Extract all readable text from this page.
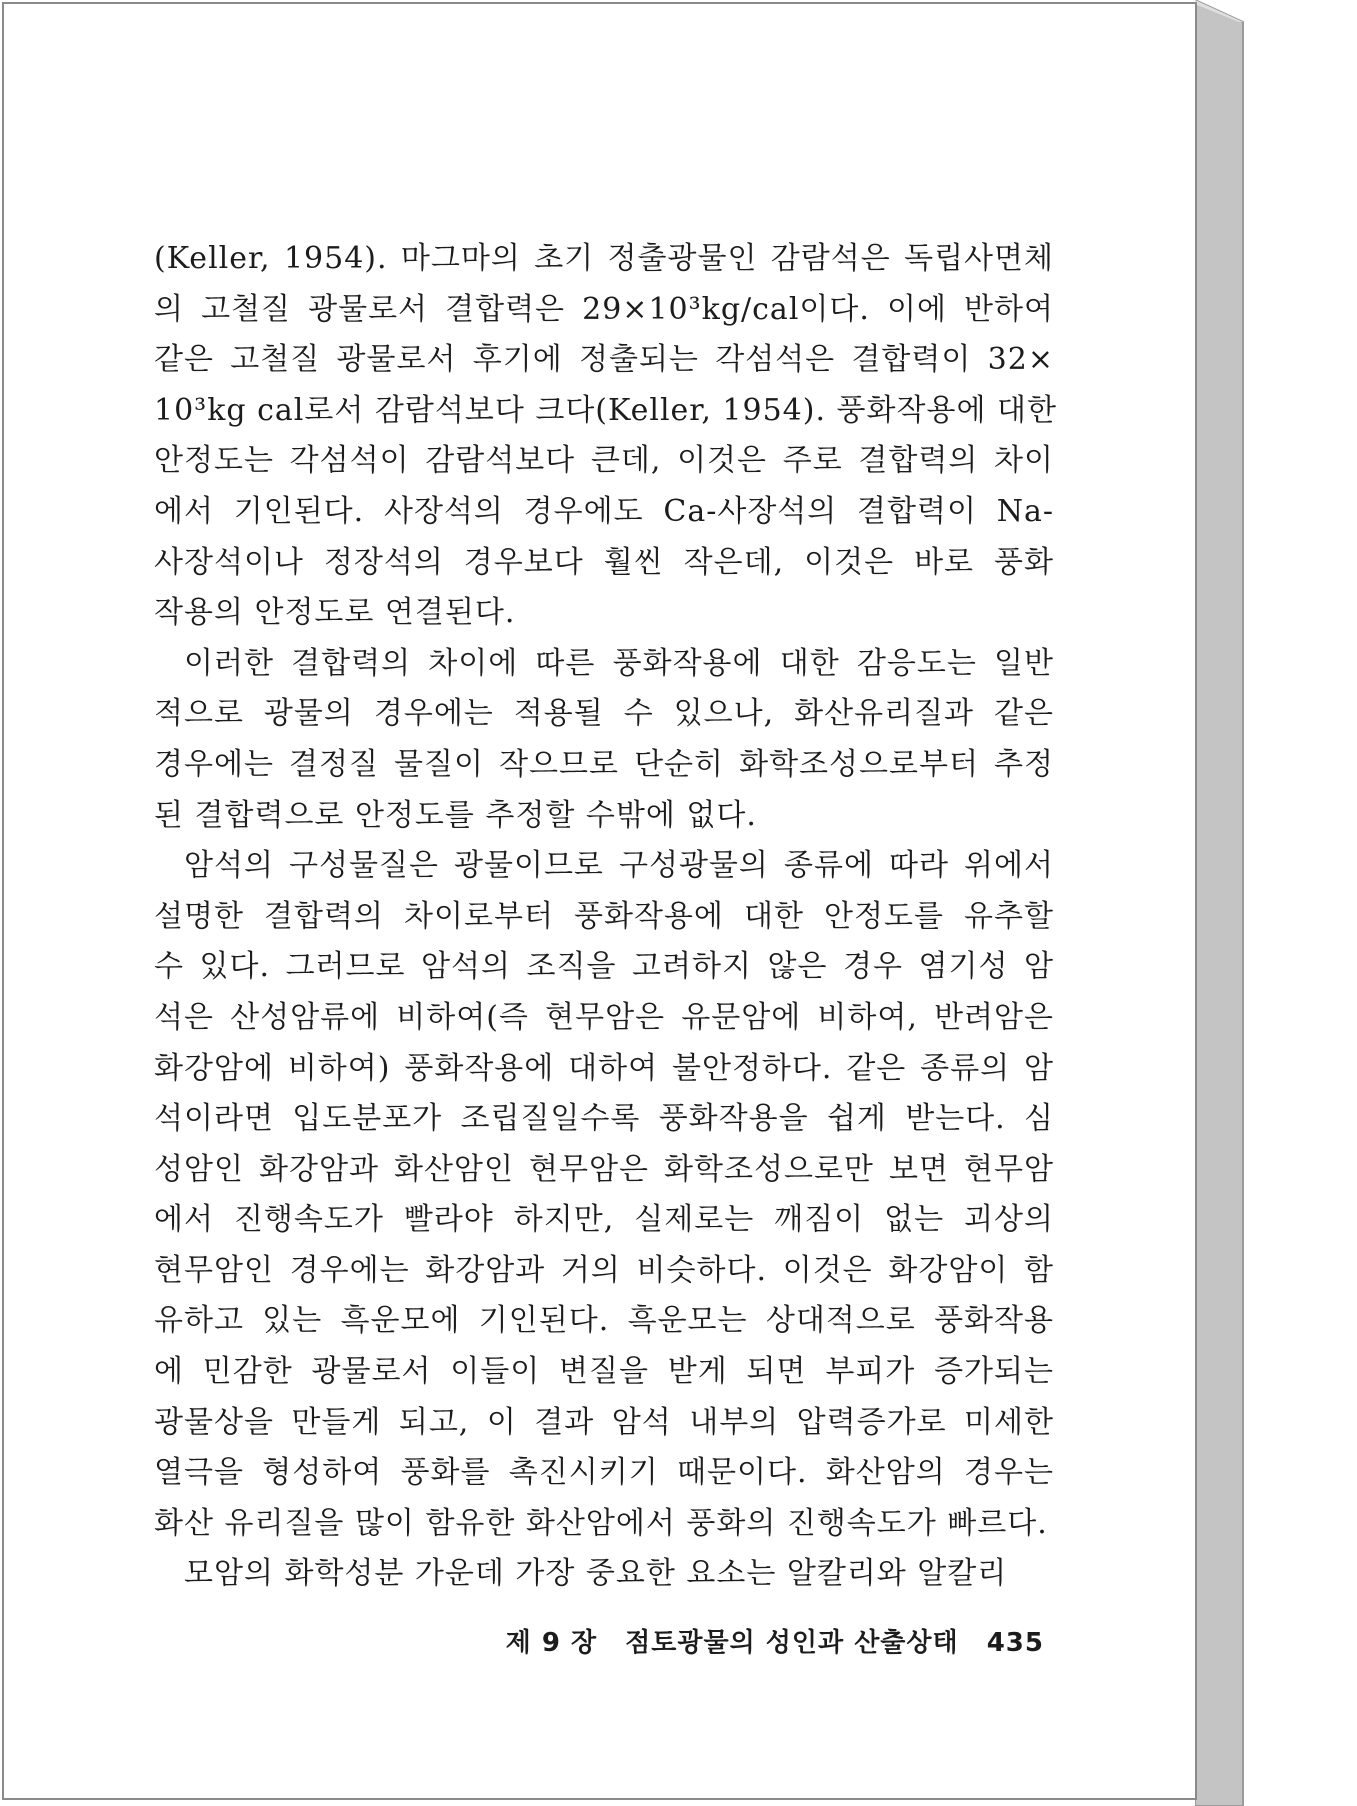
(Keller, 1954). 마그마의 초기 정출광물인 감람석은 독립사면체
의 고철질 광물로서 결합력은 29×10³kg/cal이다. 이에 반하여
같은 고철질 광물로서 후기에 정출되는 각섬석은 결합력이 32×
10³kg cal로서 감람석보다 크다(Keller, 1954). 풍화작용에 대한
안정도는 각섬석이 감람석보다 큰데, 이것은 주로 결합력의 차이
에서 기인된다. 사장석의 경우에도 Ca-사장석의 결합력이 Na-
사장석이나 정장석의 경우보다 훨씬 작은데, 이것은 바로 풍화
작용의 안정도로 연결된다.
이러한 결합력의 차이에 따른 풍화작용에 대한 감응도는 일반
적으로 광물의 경우에는 적용될 수 있으나, 화산유리질과 같은
경우에는 결정질 물질이 작으므로 단순히 화학조성으로부터 추정
된 결합력으로 안정도를 추정할 수밖에 없다.
암석의 구성물질은 광물이므로 구성광물의 종류에 따라 위에서
설명한 결합력의 차이로부터 풍화작용에 대한 안정도를 유추할
수 있다. 그러므로 암석의 조직을 고려하지 않은 경우 염기성 암
석은 산성암류에 비하여(즉 현무암은 유문암에 비하여, 반려암은
화강암에 비하여) 풍화작용에 대하여 불안정하다. 같은 종류의 암
석이라면 입도분포가 조립질일수록 풍화작용을 쉽게 받는다. 심
성암인 화강암과 화산암인 현무암은 화학조성으로만 보면 현무암
에서 진행속도가 빨라야 하지만, 실제로는 깨짐이 없는 괴상의
현무암인 경우에는 화강암과 거의 비슷하다. 이것은 화강암이 함
유하고 있는 흑운모에 기인된다. 흑운모는 상대적으로 풍화작용
에 민감한 광물로서 이들이 변질을 받게 되면 부피가 증가되는
광물상을 만들게 되고, 이 결과 암석 내부의 압력증가로 미세한
열극을 형성하여 풍화를 촉진시키기 때문이다. 화산암의 경우는
화산 유리질을 많이 함유한 화산암에서 풍화의 진행속도가 빠르다.
모암의 화학성분 가운데 가장 중요한 요소는 알칼리와 알칼리
제 9 장 점토광물의 성인과 산출상태 435
